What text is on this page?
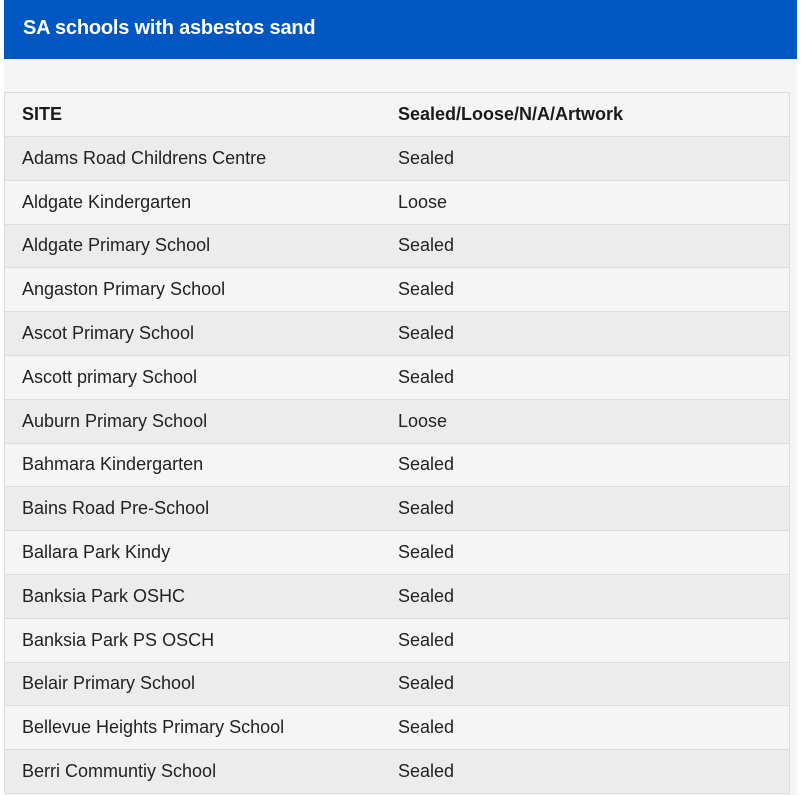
SA schools with asbestos sand
SITE	Sealed/Loose/N/A/Artwork
Adams Road Childrens Centre	Sealed
Aldgate Kindergarten	Loose
Aldgate Primary School	Sealed
Angaston Primary School	Sealed
Ascot Primary School	Sealed
Ascott primary School	Sealed
Auburn Primary School	Loose
Bahmara Kindergarten	Sealed
Bains Road Pre-School	Sealed
Ballara Park Kindy	Sealed
Banksia Park OSHC	Sealed
Banksia Park PS OSCH	Sealed
Belair Primary School	Sealed
Bellevue Heights Primary School	Sealed
Berri Communtiy School	Sealed
